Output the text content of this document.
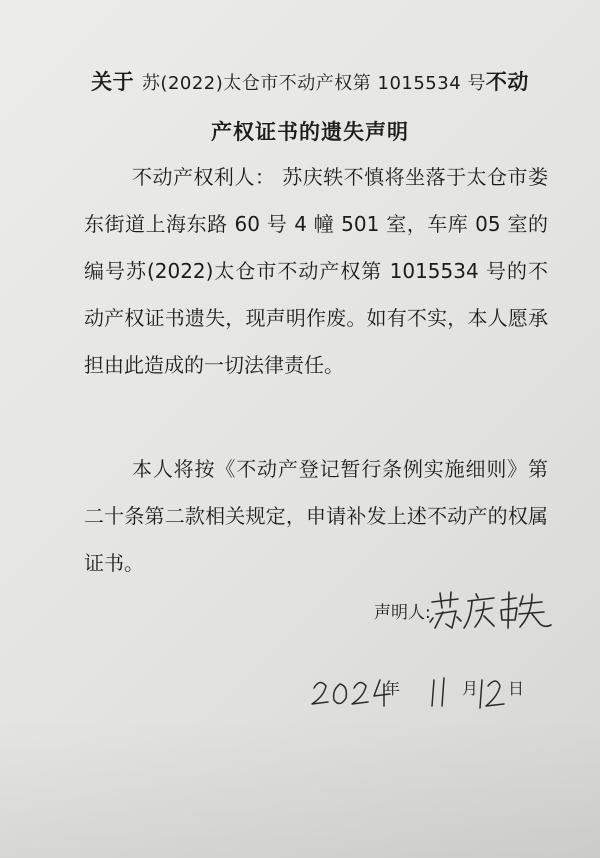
关于 苏(2022)太仓市不动产权第 1015534 号不动
产权证书的遗失声明
不动产权利人： 苏庆轶不慎将坐落于太仓市娄东街道上海东路 60 号 4 幢 501 室，车库 05 室的编号苏(2022)太仓市不动产权第 1015534 号的不动产权证书遗失，现声明作废。如有不实，本人愿承担由此造成的一切法律责任。
本人将按《不动产登记暂行条例实施细则》第二十条第二款相关规定，申请补发上述不动产的权属证书。
声明人:
年	月 日
